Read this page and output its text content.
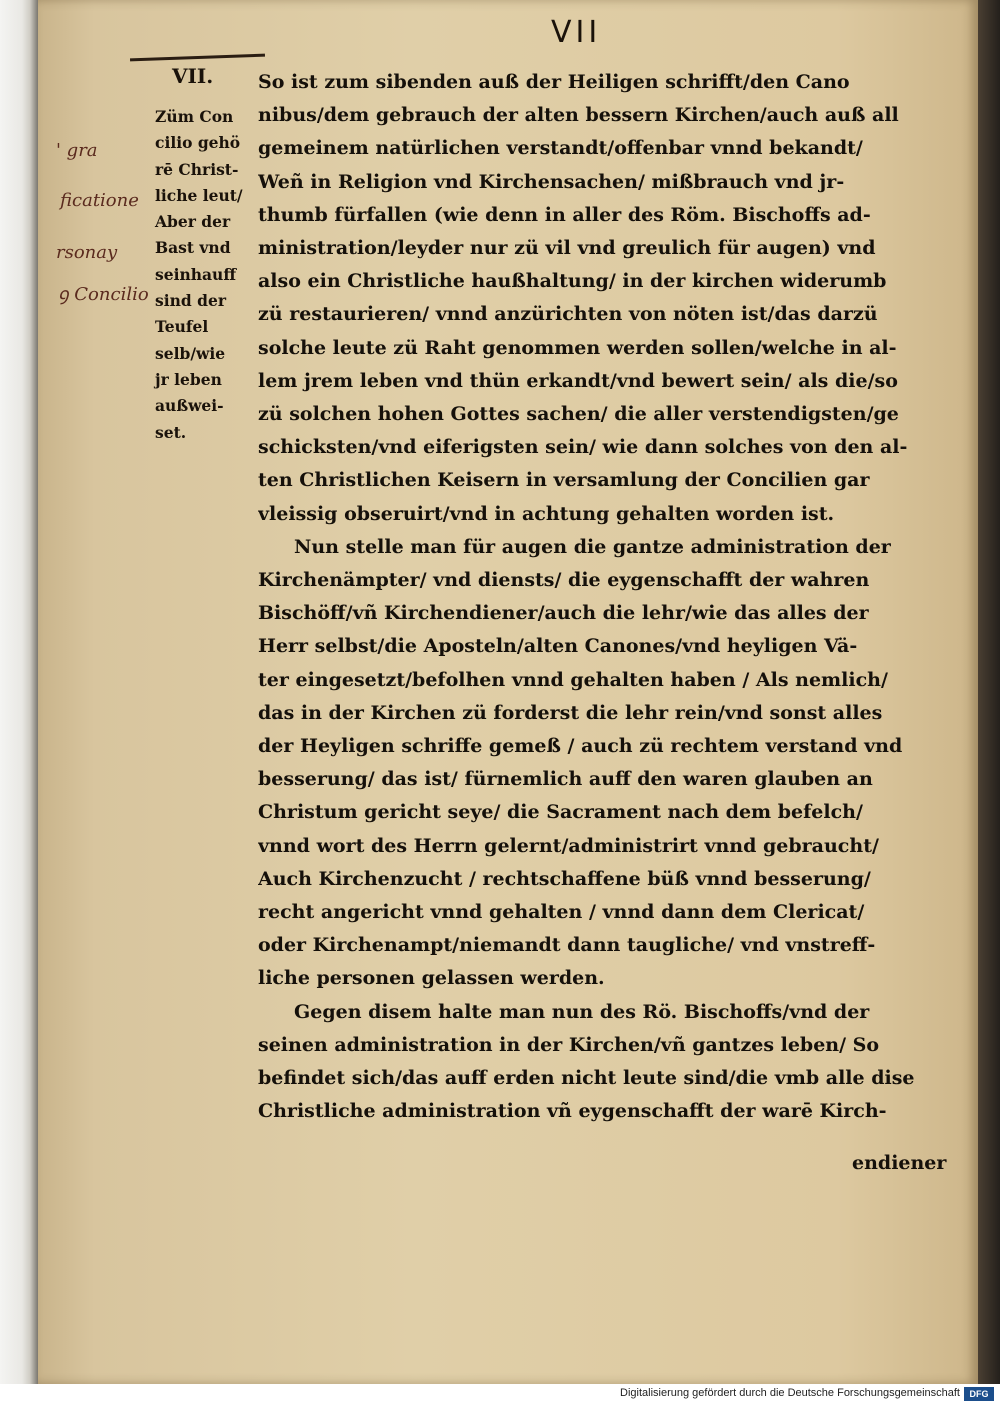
VII
VII.
Züm Con
cilio gehö
rē Christ-
liche leut/
Aber der
Bast vnd
seinhauff
sind der
Teufel
selb/wie
jr leben
außwei-
set.
' gra
ficatione
rsonay
ꝯ Concilio
So ist zum sibenden auß der Heiligen schrifft/den Cano
nibus/dem gebrauch der alten bessern Kirchen/auch auß all
gemeinem natürlichen verstandt/offenbar vnnd bekandt/
Weñ in Religion vnd Kirchensachen/ mißbrauch vnd jr-
thumb fürfallen (wie denn in aller des Röm. Bischoffs ad-
ministration/leyder nur zü vil vnd greulich für augen) vnd
also ein Christliche haußhaltung/ in der kirchen widerumb
zü restaurieren/ vnnd anzürichten von nöten ist/das darzü
solche leute zü Raht genommen werden sollen/welche in al-
lem jrem leben vnd thün erkandt/vnd bewert sein/ als die/so
zü solchen hohen Gottes sachen/ die aller verstendigsten/ge
schicksten/vnd eiferigsten sein/ wie dann solches von den al-
ten Christlichen Keisern in versamlung der Concilien gar
vleissig obseruirt/vnd in achtung gehalten worden ist.
Nun stelle man für augen die gantze administration der
Kirchenämpter/ vnd diensts/ die eygenschafft der wahren
Bischöff/vñ Kirchendiener/auch die lehr/wie das alles der
Herr selbst/die Aposteln/alten Canones/vnd heyligen Vä-
ter eingesetzt/befolhen vnnd gehalten haben / Als nemlich/
das in der Kirchen zü forderst die lehr rein/vnd sonst alles
der Heyligen schriffe gemeß / auch zü rechtem verstand vnd
besserung/ das ist/ fürnemlich auff den waren glauben an
Christum gericht seye/ die Sacrament nach dem befelch/
vnnd wort des Herrn gelernt/administrirt vnnd gebraucht/
Auch Kirchenzucht / rechtschaffene büß vnnd besserung/
recht angericht vnnd gehalten / vnnd dann dem Clericat/
oder Kirchenampt/niemandt dann taugliche/ vnd vnstreff-
liche personen gelassen werden.
Gegen disem halte man nun des Rö. Bischoffs/vnd der
seinen administration in der Kirchen/vñ gantzes leben/ So
befindet sich/das auff erden nicht leute sind/die vmb alle dise
Christliche administration vñ eygenschafft der warē Kirch-
endiener
Digitalisierung gefördert durch die Deutsche Forschungsgemeinschaft	DFG
